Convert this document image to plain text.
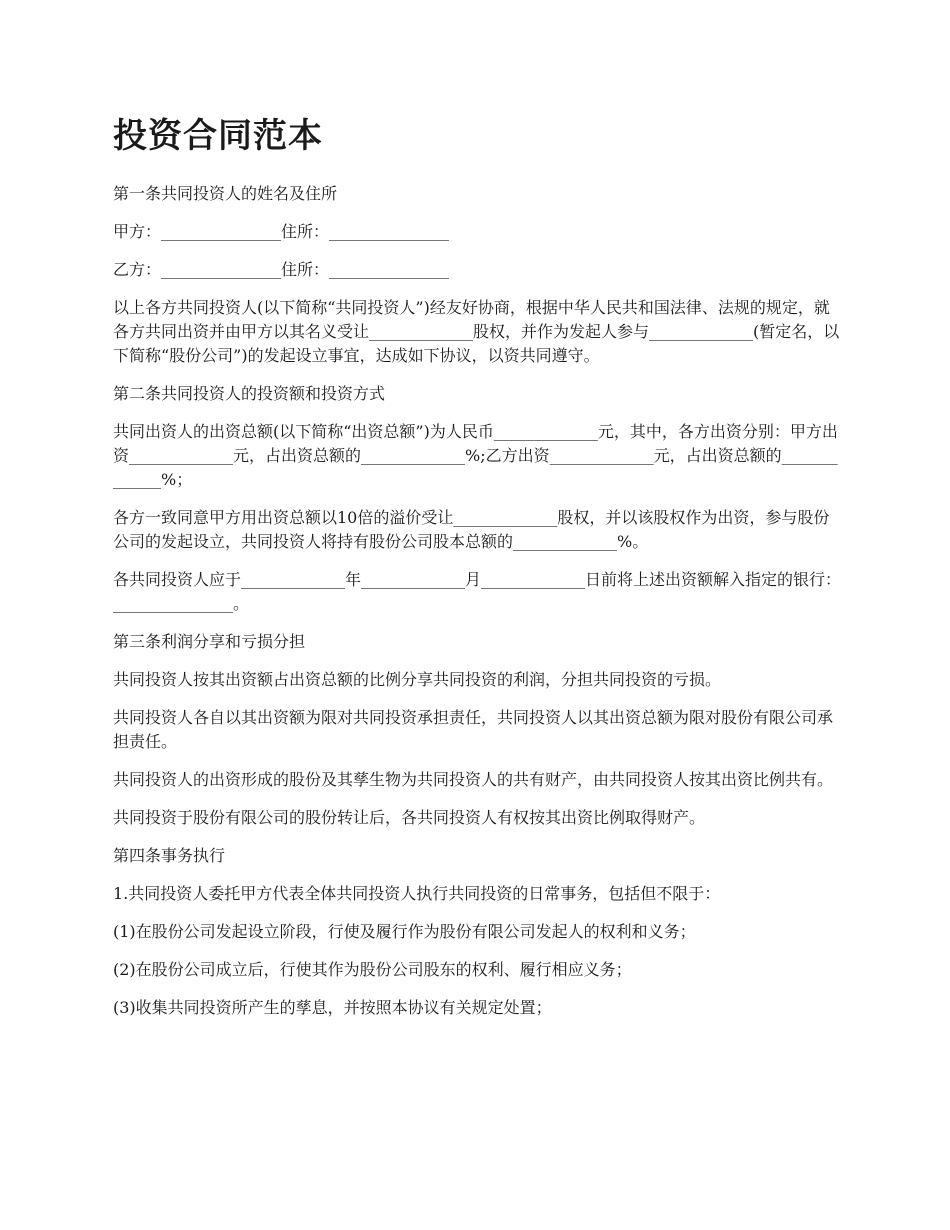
投资合同范本

第一条共同投资人的姓名及住所

甲方：_______________住所：_______________

乙方：_______________住所：_______________

以上各方共同投资人(以下简称“共同投资人”)经友好协商，根据中华人民共和国法律、法规的规定，就各方共同出资并由甲方以其名义受让_____________股权，并作为发起人参与_____________(暂定名，以下简称“股份公司”)的发起设立事宜，达成如下协议，以资共同遵守。

第二条共同投资人的投资额和投资方式

共同出资人的出资总额(以下简称“出资总额”)为人民币_____________元，其中，各方出资分别：甲方出资_____________元，占出资总额的_____________%;乙方出资_____________元，占出资总额的_____________%；

各方一致同意甲方用出资总额以10倍的溢价受让_____________股权，并以该股权作为出资，参与股份公司的发起设立，共同投资人将持有股份公司股本总额的_____________%。

各共同投资人应于_____________年_____________月_____________日前将上述出资额解入指定的银行：_______________。

第三条利润分享和亏损分担

共同投资人按其出资额占出资总额的比例分享共同投资的利润，分担共同投资的亏损。

共同投资人各自以其出资额为限对共同投资承担责任，共同投资人以其出资总额为限对股份有限公司承担责任。

共同投资人的出资形成的股份及其孳生物为共同投资人的共有财产，由共同投资人按其出资比例共有。

共同投资于股份有限公司的股份转让后，各共同投资人有权按其出资比例取得财产。

第四条事务执行

1.共同投资人委托甲方代表全体共同投资人执行共同投资的日常事务，包括但不限于：

(1)在股份公司发起设立阶段，行使及履行作为股份有限公司发起人的权利和义务；

(2)在股份公司成立后，行使其作为股份公司股东的权利、履行相应义务；

(3)收集共同投资所产生的孳息，并按照本协议有关规定处置；
